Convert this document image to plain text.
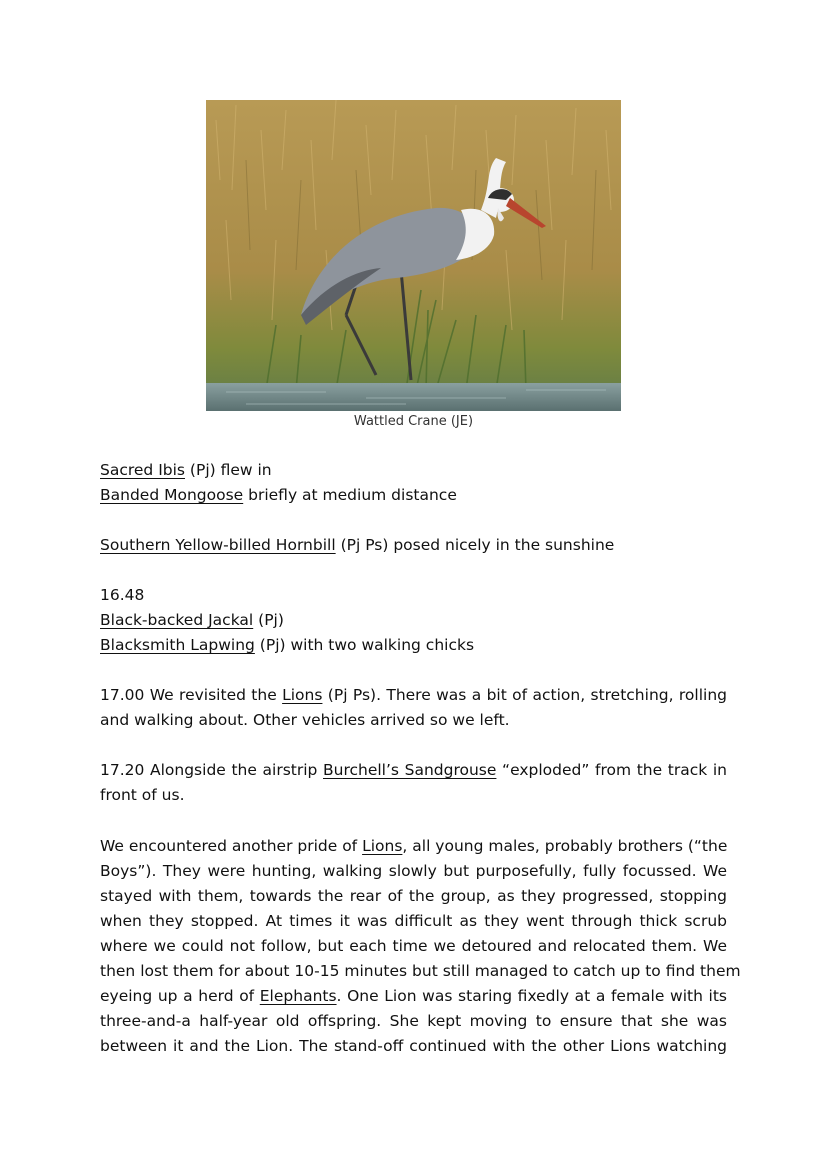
Wattled Crane (JE)
Sacred Ibis (Pj) flew in
Banded Mongoose briefly at medium distance
Southern Yellow-billed Hornbill (Pj Ps) posed nicely in the sunshine
16.48
Black-backed Jackal (Pj)
Blacksmith Lapwing (Pj) with two walking chicks
17.00 We revisited the Lions (Pj Ps). There was a bit of action, stretching, rolling
and walking about. Other vehicles arrived so we left.
17.20 Alongside the airstrip Burchell’s Sandgrouse “exploded” from the track in
front of us.
We encountered another pride of Lions, all young males, probably brothers (“the
Boys”). They were hunting, walking slowly but purposefully, fully focussed. We
stayed with them, towards the rear of the group, as they progressed, stopping
when they stopped. At times it was difficult as they went through thick scrub
where we could not follow, but each time we detoured and relocated them. We
then lost them for about 10-15 minutes but still managed to catch up to find them
eyeing up a herd of Elephants. One Lion was staring fixedly at a female with its
three-and-a half-year old offspring. She kept moving to ensure that she was
between it and the Lion. The stand-off continued with the other Lions watching
